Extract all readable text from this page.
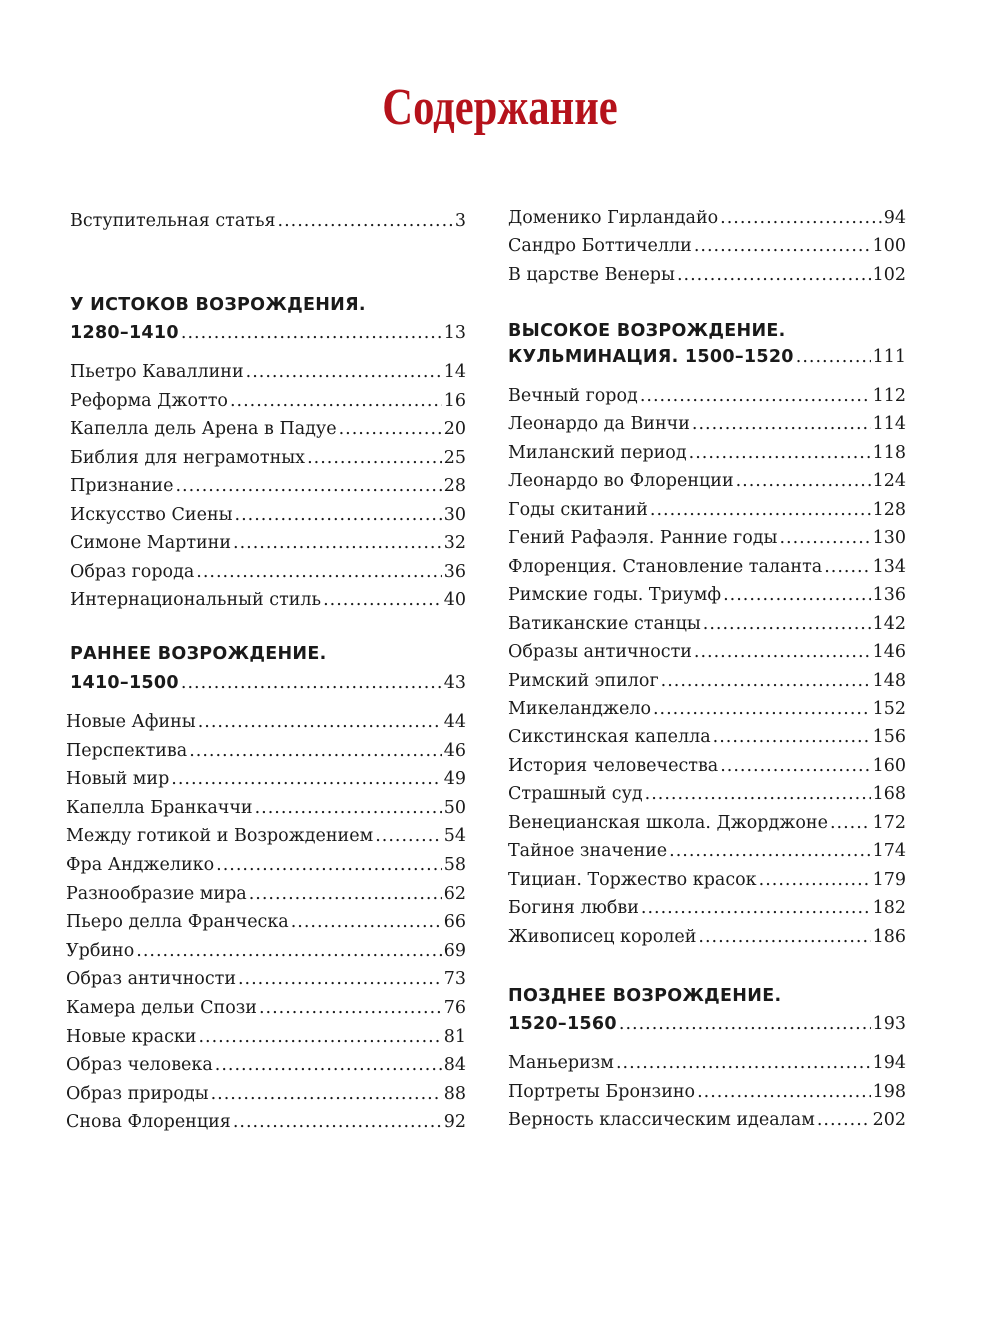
Содержание
Вступительная статья .....	3
У ИСТОКОВ ВОЗРОЖДЕНИЯ.
1280–1410 .....	13
Пьетро Каваллини .....	14
Реформа Джотто .....	16
Капелла дель Арена в Падуе .....	20
Библия для неграмотных .....	25
Признание .....	28
Искусство Сиены .....	30
Симоне Мартини .....	32
Образ города .....	36
Интернациональный стиль .....	40
РАННЕЕ ВОЗРОЖДЕНИЕ.
1410–1500 .....	43
Новые Афины .....	44
Перспектива .....	46
Новый мир .....	49
Капелла Бранкаччи .....	50
Между готикой и Возрождением .....	54
Фра Анджелико .....	58
Разнообразие мира .....	62
Пьеро делла Франческа .....	66
Урбино .....	69
Образ античности .....	73
Камера дельи Спози .....	76
Новые краски .....	81
Образ человека .....	84
Образ природы .....	88
Снова Флоренция .....	92
Доменико Гирландайо .....	94
Сандро Боттичелли .....	100
В царстве Венеры .....	102
ВЫСОКОЕ ВОЗРОЖДЕНИЕ.
КУЛЬМИНАЦИЯ. 1500–1520 .....	111
Вечный город .....	112
Леонардо да Винчи .....	114
Миланский период .....	118
Леонардо во Флоренции .....	124
Годы скитаний .....	128
Гений Рафаэля. Ранние годы .....	130
Флоренция. Становление таланта .....	134
Римские годы. Триумф .....	136
Ватиканские станцы .....	142
Образы античности .....	146
Римский эпилог .....	148
Микеланджело .....	152
Сикстинская капелла .....	156
История человечества .....	160
Страшный суд .....	168
Венецианская школа. Джорджоне .....	172
Тайное значение .....	174
Тициан. Торжество красок .....	179
Богиня любви .....	182
Живописец королей .....	186
ПОЗДНЕЕ ВОЗРОЖДЕНИЕ.
1520–1560 .....	193
Маньеризм .....	194
Портреты Бронзино .....	198
Верность классическим идеалам .....	202
